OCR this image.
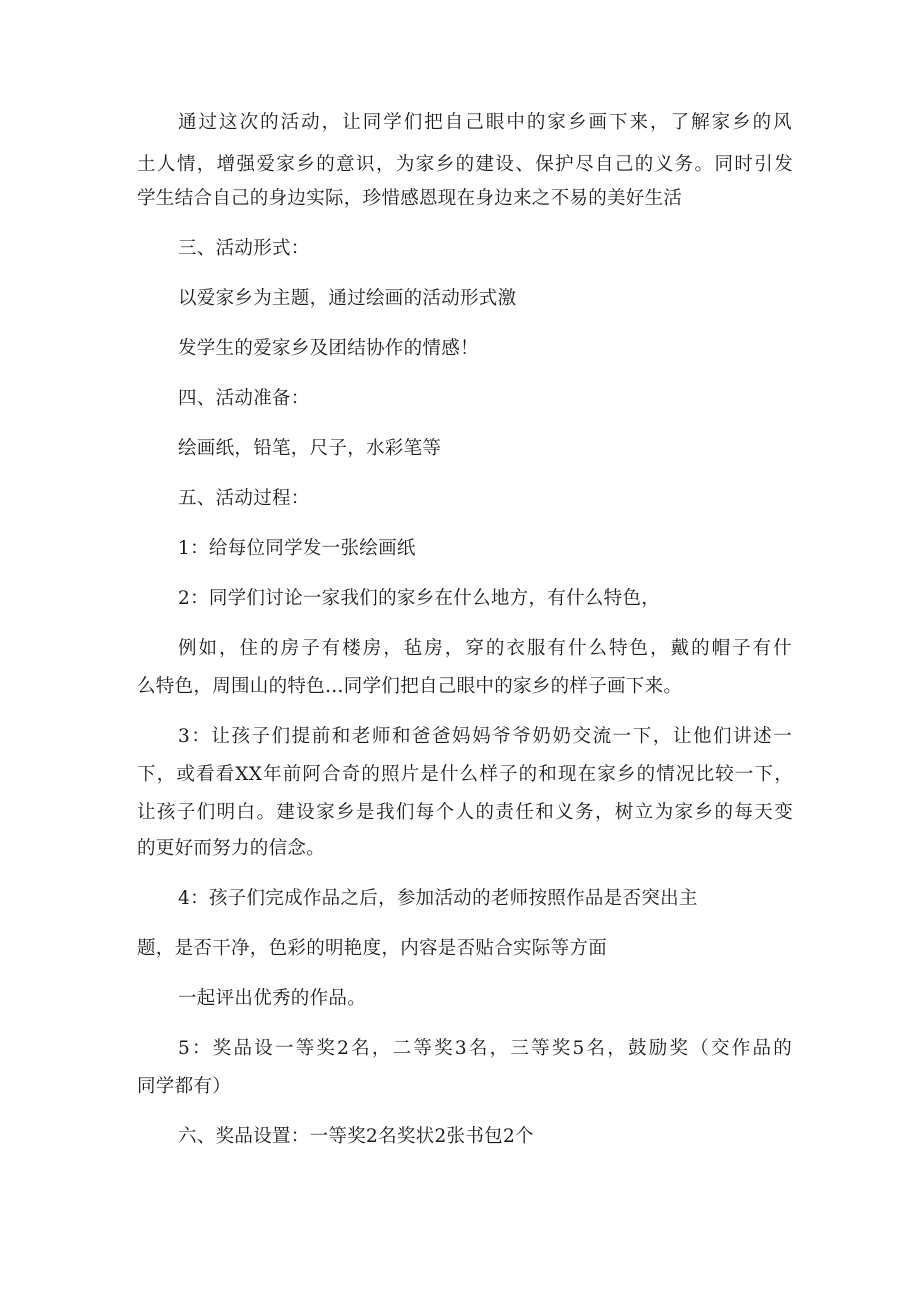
通过这次的活动，让同学们把自己眼中的家乡画下来，了解家乡的风

土人情，增强爱家乡的意识，为家乡的建设、保护尽自己的义务。同时引发

学生结合自己的身边实际，珍惜感恩现在身边来之不易的美好生活

三、活动形式：

以爱家乡为主题，通过绘画的活动形式激

发学生的爱家乡及团结协作的情感！

四、活动准备：

绘画纸，铅笔，尺子，水彩笔等

五、活动过程：

1：给每位同学发一张绘画纸

2：同学们讨论一家我们的家乡在什么地方，有什么特色，

例如，住的房子有楼房，毡房，穿的衣服有什么特色，戴的帽子有什

么特色，周围山的特色…同学们把自己眼中的家乡的样子画下来。

3：让孩子们提前和老师和爸爸妈妈爷爷奶奶交流一下，让他们讲述一

下，或看看XX年前阿合奇的照片是什么样子的和现在家乡的情况比较一下，

让孩子们明白。建设家乡是我们每个人的责任和义务，树立为家乡的每天变

的更好而努力的信念。

4：孩子们完成作品之后，参加活动的老师按照作品是否突出主

题，是否干净，色彩的明艳度，内容是否贴合实际等方面

一起评出优秀的作品。

5：奖品设一等奖2名，二等奖3名，三等奖5名，鼓励奖（交作品的

同学都有）

六、奖品设置：一等奖2名奖状2张书包2个
